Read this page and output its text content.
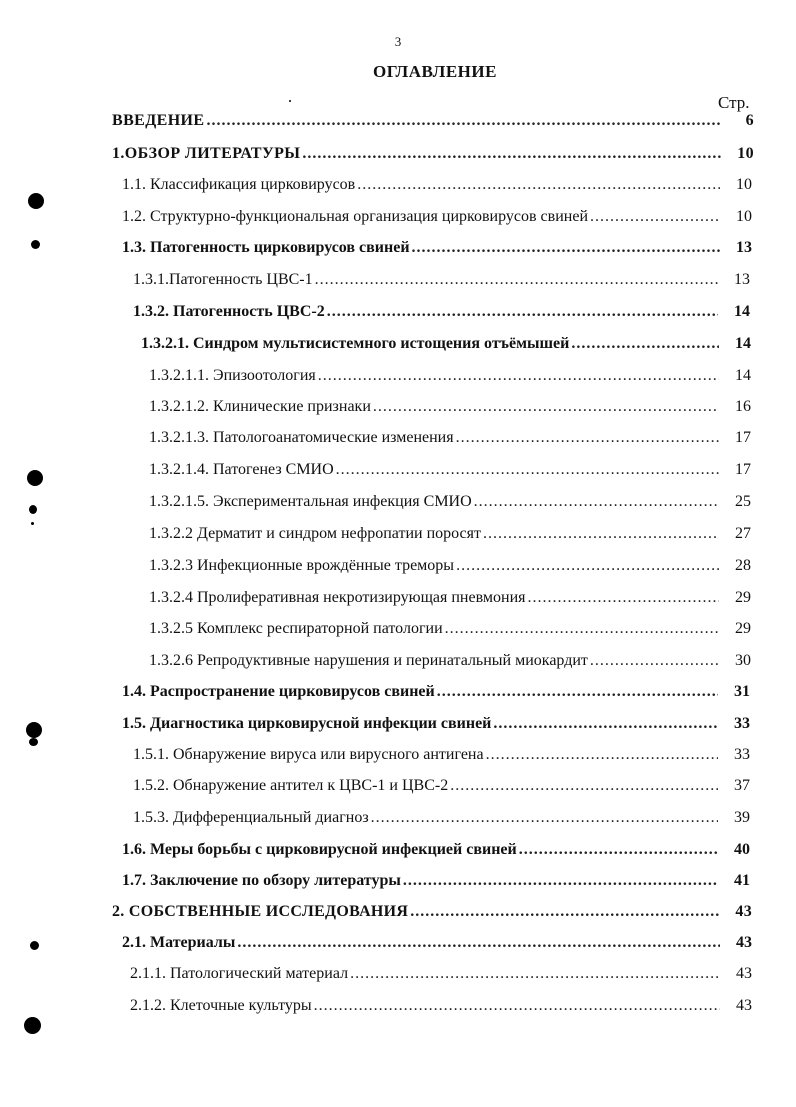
3
ОГЛАВЛЕНИЕ
Стр.
ВВЕДЕНИЕ .....	6
1.ОБЗОР ЛИТЕРАТУРЫ .....	10
1.1. Классификация цирковирусов .....	10
1.2. Структурно-функциональная организация цирковирусов свиней .....	10
1.3. Патогенность цирковирусов свиней .....	13
1.3.1.Патогенность ЦВС-1 .....	13
1.3.2. Патогенность ЦВС-2 .....	14
1.3.2.1. Синдром мультисистемного истощения отъёмышей .....	14
1.3.2.1.1. Эпизоотология .....	14
1.3.2.1.2. Клинические признаки .....	16
1.3.2.1.3. Патологоанатомические изменения .....	17
1.3.2.1.4. Патогенез СМИО .....	17
1.3.2.1.5. Экспериментальная инфекция СМИО .....	25
1.3.2.2 Дерматит и синдром нефропатии поросят .....	27
1.3.2.3 Инфекционные врождённые треморы .....	28
1.3.2.4 Пролиферативная некротизирующая пневмония .....	29
1.3.2.5 Комплекс респираторной патологии .....	29
1.3.2.6 Репродуктивные нарушения и перинатальный миокардит .....	30
1.4. Распространение цирковирусов свиней .....	31
1.5. Диагностика цирковирусной инфекции свиней .....	33
1.5.1. Обнаружение вируса или вирусного антигена .....	33
1.5.2. Обнаружение антител к ЦВС-1 и ЦВС-2 .....	37
1.5.3. Дифференциальный диагноз .....	39
1.6. Меры борьбы с цирковирусной инфекцией свиней .....	40
1.7. Заключение по обзору литературы .....	41
2. СОБСТВЕННЫЕ ИССЛЕДОВАНИЯ .....	43
2.1. Материалы .....	43
2.1.1. Патологический материал .....	43
2.1.2. Клеточные культуры .....	43
